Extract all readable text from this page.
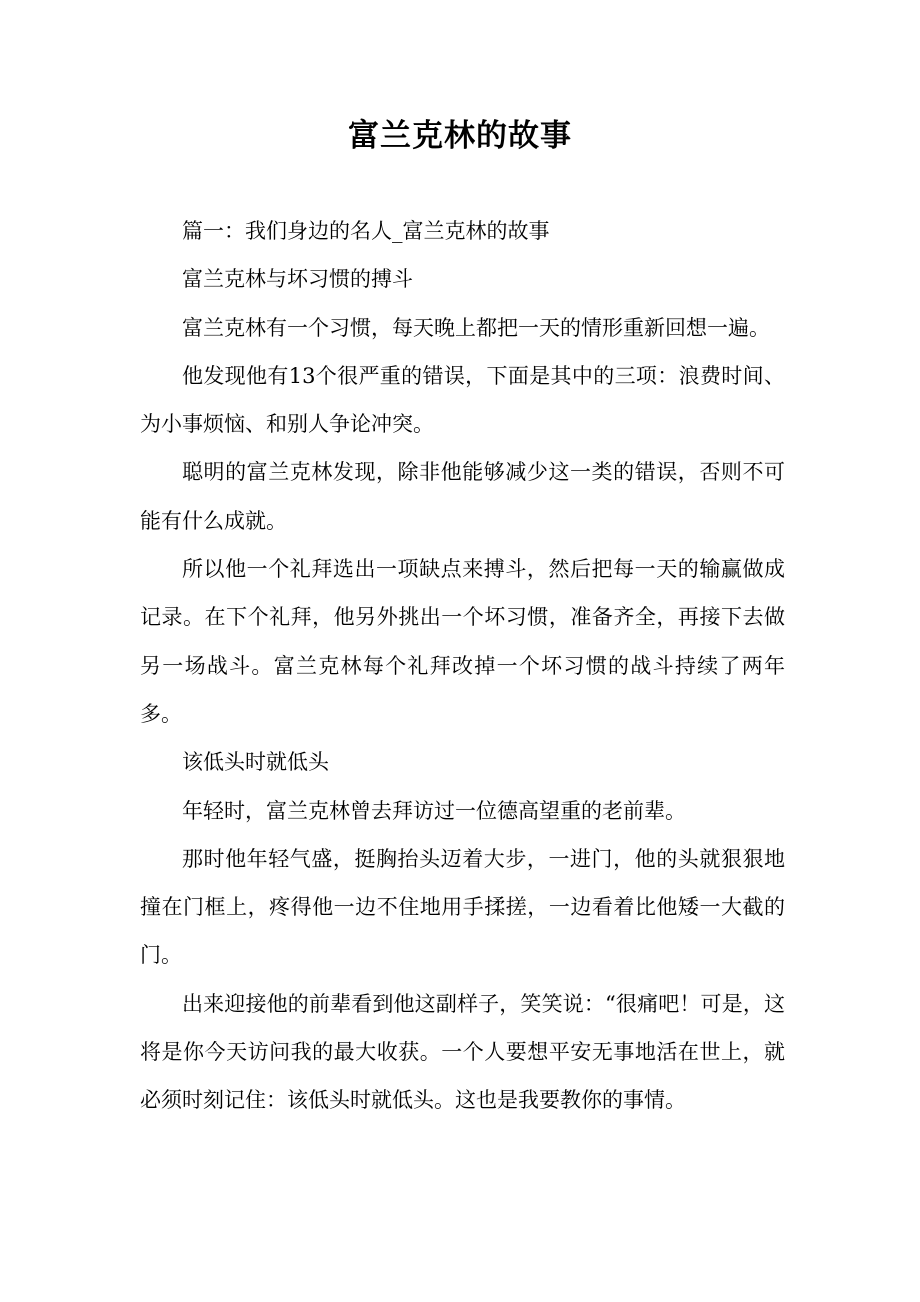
富兰克林的故事

篇一：我们身边的名人_富兰克林的故事

富兰克林与坏习惯的搏斗

富兰克林有一个习惯，每天晚上都把一天的情形重新回想一遍。

他发现他有13个很严重的错误，下面是其中的三项：浪费时间、为小事烦恼、和别人争论冲突。

聪明的富兰克林发现，除非他能够减少这一类的错误，否则不可能有什么成就。

所以他一个礼拜选出一项缺点来搏斗，然后把每一天的输赢做成记录。在下个礼拜，他另外挑出一个坏习惯，准备齐全，再接下去做另一场战斗。富兰克林每个礼拜改掉一个坏习惯的战斗持续了两年多。

该低头时就低头

年轻时，富兰克林曾去拜访过一位德高望重的老前辈。

那时他年轻气盛，挺胸抬头迈着大步，一进门，他的头就狠狠地撞在门框上，疼得他一边不住地用手揉搓，一边看着比他矮一大截的门。

出来迎接他的前辈看到他这副样子，笑笑说：“很痛吧！可是，这将是你今天访问我的最大收获。一个人要想平安无事地活在世上，就必须时刻记住：该低头时就低头。这也是我要教你的事情。
